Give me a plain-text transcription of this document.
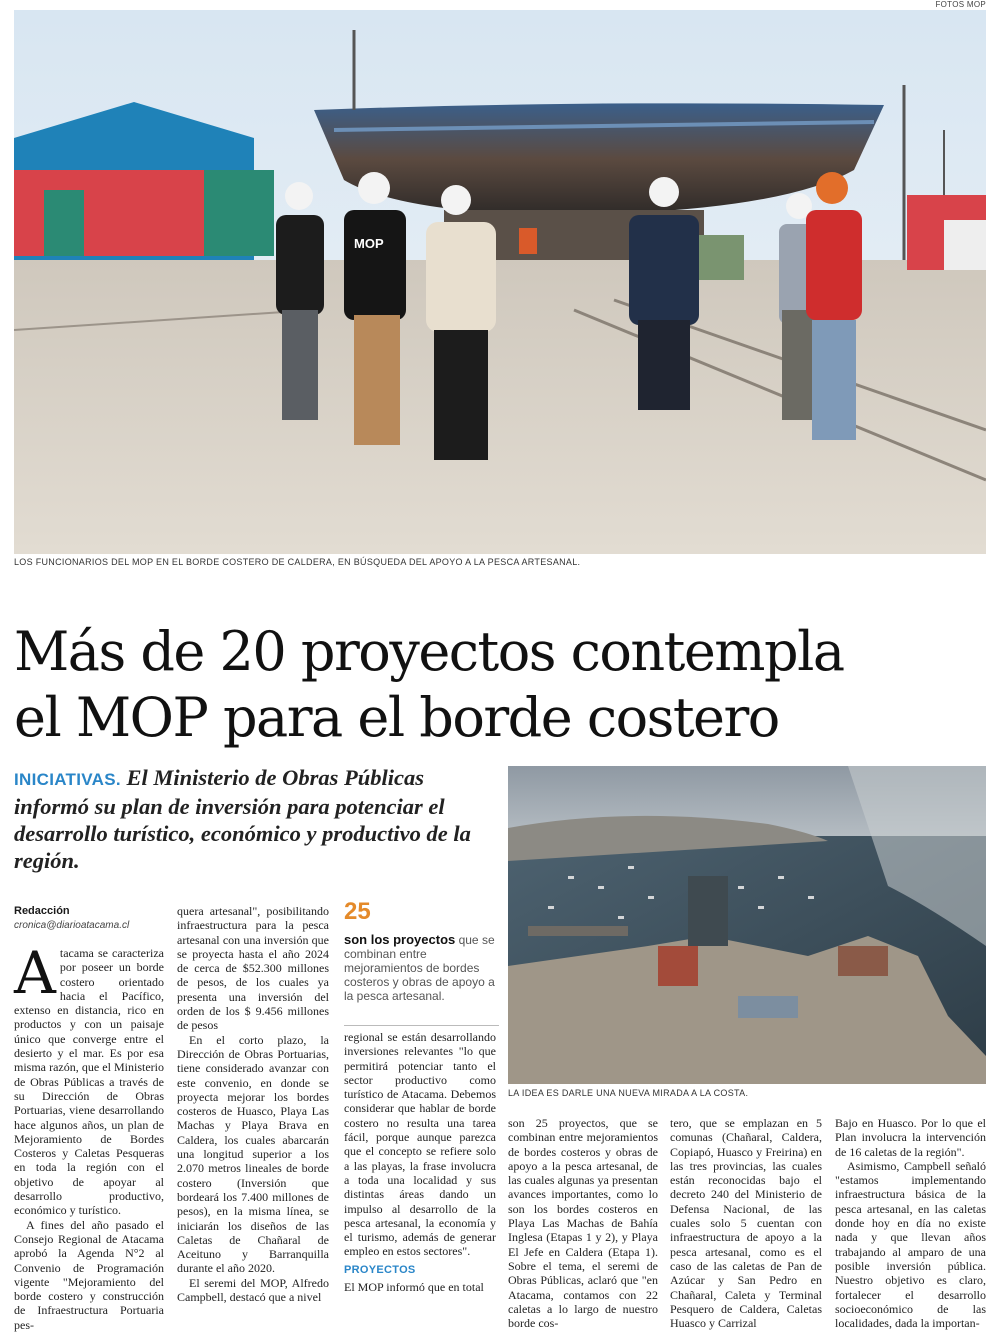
FOTOS MOP
MOP
LOS FUNCIONARIOS DEL MOP EN EL BORDE COSTERO DE CALDERA, EN BÚSQUEDA DEL APOYO A LA PESCA ARTESANAL.
Más de 20 proyectos contempla
el MOP para el borde costero
INICIATIVAS. El Ministerio de Obras Públicas informó su plan de inversión para potenciar el desarrollo turístico, económico y productivo de la región.
LA IDEA ES DARLE UNA NUEVA MIRADA A LA COSTA.
Redacción
cronica@diarioatacama.cl

Atacama se caracteriza por poseer un borde costero orientado hacia el Pacífico, extenso en distancia, rico en productos y con un paisaje único que converge entre el desierto y el mar. Es por esa misma razón, que el Ministerio de Obras Públicas a través de su Dirección de Obras Portuarias, viene desarrollando hace algunos años, un plan de Mejoramiento de Bordes Costeros y Caletas Pesqueras en toda la región con el objetivo de apoyar al desarrollo productivo, económico y turístico.

A fines del año pasado el Consejo Regional de Atacama aprobó la Agenda N°2 al Convenio de Programación vigente "Mejoramiento del borde costero y construcción de Infraestructura Portuaria pes-

quera artesanal", posibilitando infraestructura para la pesca artesanal con una inversión que se proyecta hasta el año 2024 de cerca de $52.300 millones de pesos, de los cuales ya presenta una inversión del orden de los $ 9.456 millones de pesos

En el corto plazo, la Dirección de Obras Portuarias, tiene considerado avanzar con este convenio, en donde se proyecta mejorar los bordes costeros de Huasco, Playa Las Machas y Playa Brava en Caldera, los cuales abarcarán una longitud superior a los 2.070 metros lineales de borde costero (Inversión que bordeará los 7.400 millones de pesos), en la misma línea, se iniciarán los diseños de las Caletas de Chañaral de Aceituno y Barranquilla durante el año 2020.

El seremi del MOP, Alfredo Campbell, destacó que a nivel

25
son los proyectos que se combinan entre mejoramientos de bordes costeros y obras de apoyo a la pesca artesanal.

regional se están desarrollando inversiones relevantes "lo que permitirá potenciar tanto el sector productivo como turístico de Atacama. Debemos considerar que hablar de borde costero no resulta una tarea fácil, porque aunque parezca que el concepto se refiere solo a las playas, la frase involucra a toda una localidad y sus distintas áreas dando un impulso al desarrollo de la pesca artesanal, la economía y el turismo, además de generar empleo en estos sectores".

PROYECTOS

El MOP informó que en total

son 25 proyectos, que se combinan entre mejoramientos de bordes costeros y obras de apoyo a la pesca artesanal, de las cuales algunas ya presentan avances importantes, como lo son los bordes costeros en Playa Las Machas de Bahía Inglesa (Etapas 1 y 2), y Playa El Jefe en Caldera (Etapa 1). Sobre el tema, el seremi de Obras Públicas, aclaró que "en Atacama, contamos con 22 caletas a lo largo de nuestro borde cos-

tero, que se emplazan en 5 comunas (Chañaral, Caldera, Copiapó, Huasco y Freirina) en las tres provincias, las cuales están reconocidas bajo el decreto 240 del Ministerio de Defensa Nacional, de las cuales solo 5 cuentan con infraestructura de apoyo a la pesca artesanal, como es el caso de las caletas de Pan de Azúcar y San Pedro en Chañaral, Caleta y Terminal Pesquero de Caldera, Caletas Huasco y Carrizal

Bajo en Huasco. Por lo que el Plan involucra la intervención de 16 caletas de la región".

Asimismo, Campbell señaló "estamos implementando infraestructura básica de la pesca artesanal, en las caletas donde hoy en día no existe nada y que llevan años trabajando al amparo de una posible inversión pública. Nuestro objetivo es claro, fortalecer el desarrollo socioeconómico de las localidades, dada la importan-
